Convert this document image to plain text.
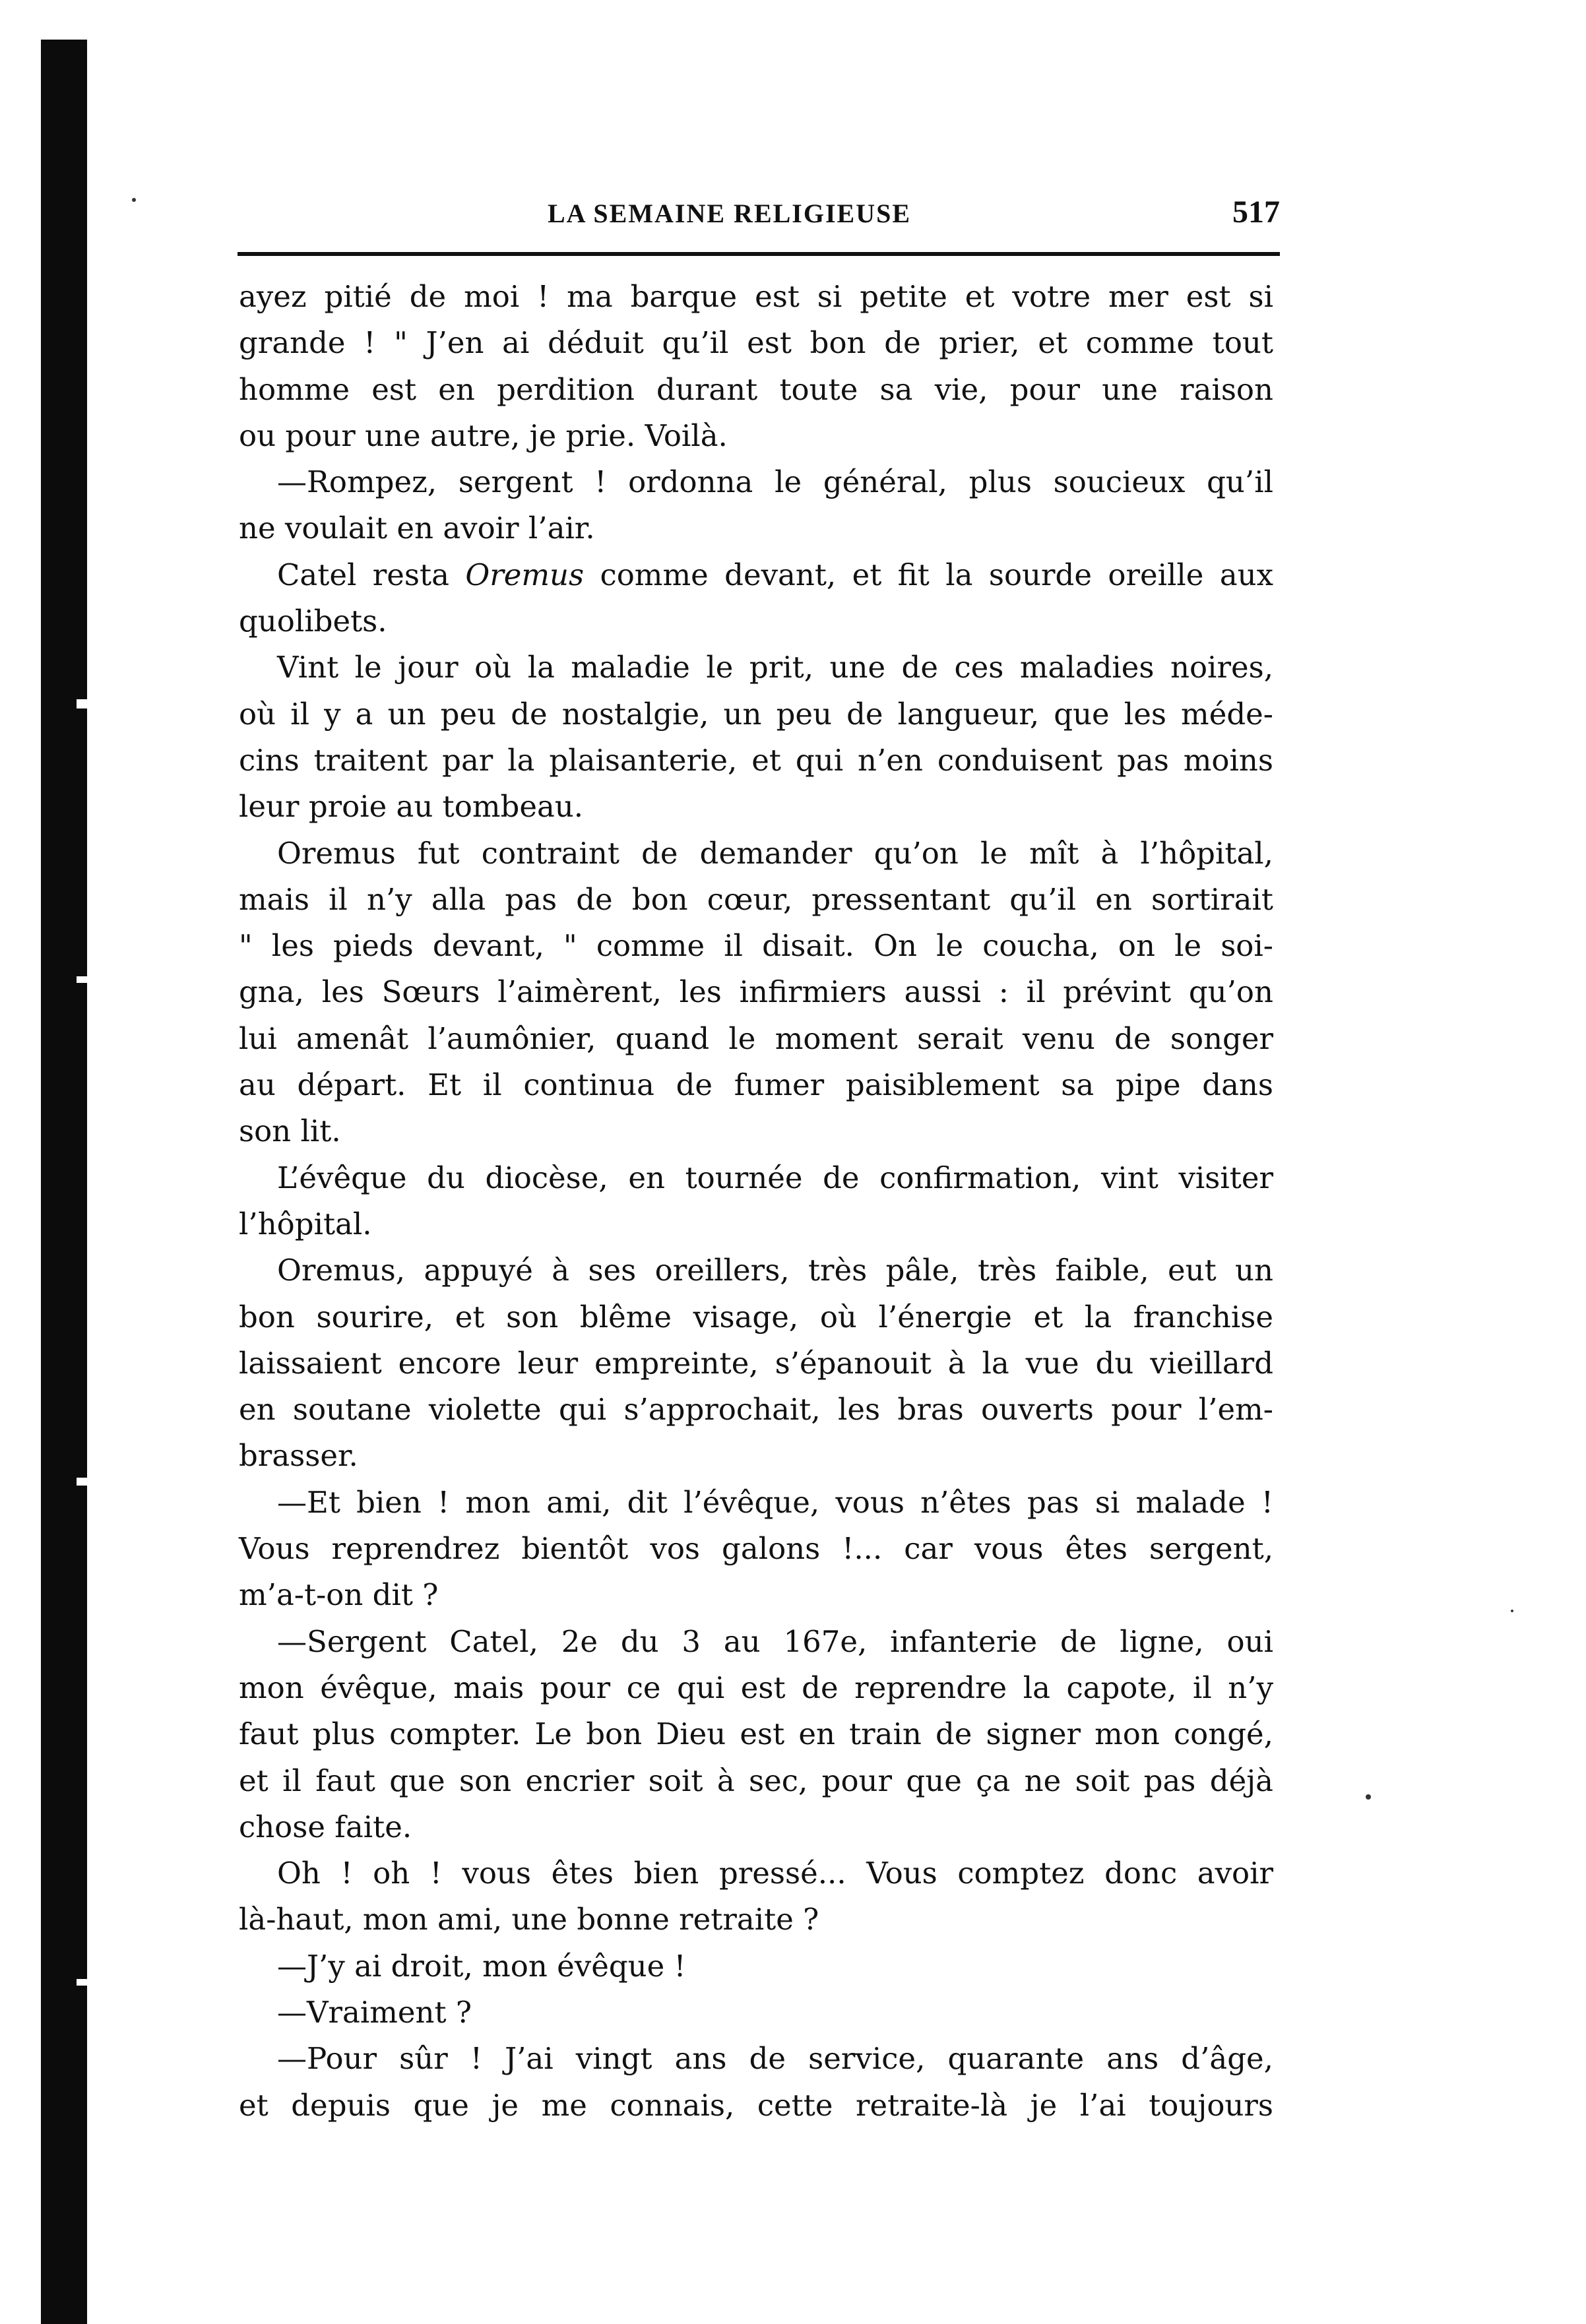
LA SEMAINE RELIGIEUSE	517
ayez pitié de moi ! ma barque est si petite et votre mer est si
grande ! " J’en ai déduit qu’il est bon de prier, et comme tout
homme est en perdition durant toute sa vie, pour une raison
ou pour une autre, je prie. Voilà.
—Rompez, sergent ! ordonna le général, plus soucieux qu’il
ne voulait en avoir l’air.
Catel resta Oremus comme devant, et fit la sourde oreille aux
quolibets.
Vint le jour où la maladie le prit, une de ces maladies noires,
où il y a un peu de nostalgie, un peu de langueur, que les méde-
cins traitent par la plaisanterie, et qui n’en conduisent pas moins
leur proie au tombeau.
Oremus fut contraint de demander qu’on le mît à l’hôpital,
mais il n’y alla pas de bon cœur, pressentant qu’il en sortirait
" les pieds devant, " comme il disait. On le coucha, on le soi-
gna, les Sœurs l’aimèrent, les infirmiers aussi : il prévint qu’on
lui amenât l’aumônier, quand le moment serait venu de songer
au départ. Et il continua de fumer paisiblement sa pipe dans
son lit.
L’évêque du diocèse, en tournée de confirmation, vint visiter
l’hôpital.
Oremus, appuyé à ses oreillers, très pâle, très faible, eut un
bon sourire, et son blême visage, où l’énergie et la franchise
laissaient encore leur empreinte, s’épanouit à la vue du vieillard
en soutane violette qui s’approchait, les bras ouverts pour l’em-
brasser.
—Et bien ! mon ami, dit l’évêque, vous n’êtes pas si malade !
Vous reprendrez bientôt vos galons !... car vous êtes sergent,
m’a-t-on dit ?
—Sergent Catel, 2e du 3 au 167e, infanterie de ligne, oui
mon évêque, mais pour ce qui est de reprendre la capote, il n’y
faut plus compter. Le bon Dieu est en train de signer mon congé,
et il faut que son encrier soit à sec, pour que ça ne soit pas déjà
chose faite.
Oh ! oh ! vous êtes bien pressé... Vous comptez donc avoir
là-haut, mon ami, une bonne retraite ?
—J’y ai droit, mon évêque !
—Vraiment ?
—Pour sûr ! J’ai vingt ans de service, quarante ans d’âge,
et depuis que je me connais, cette retraite-là je l’ai toujours
